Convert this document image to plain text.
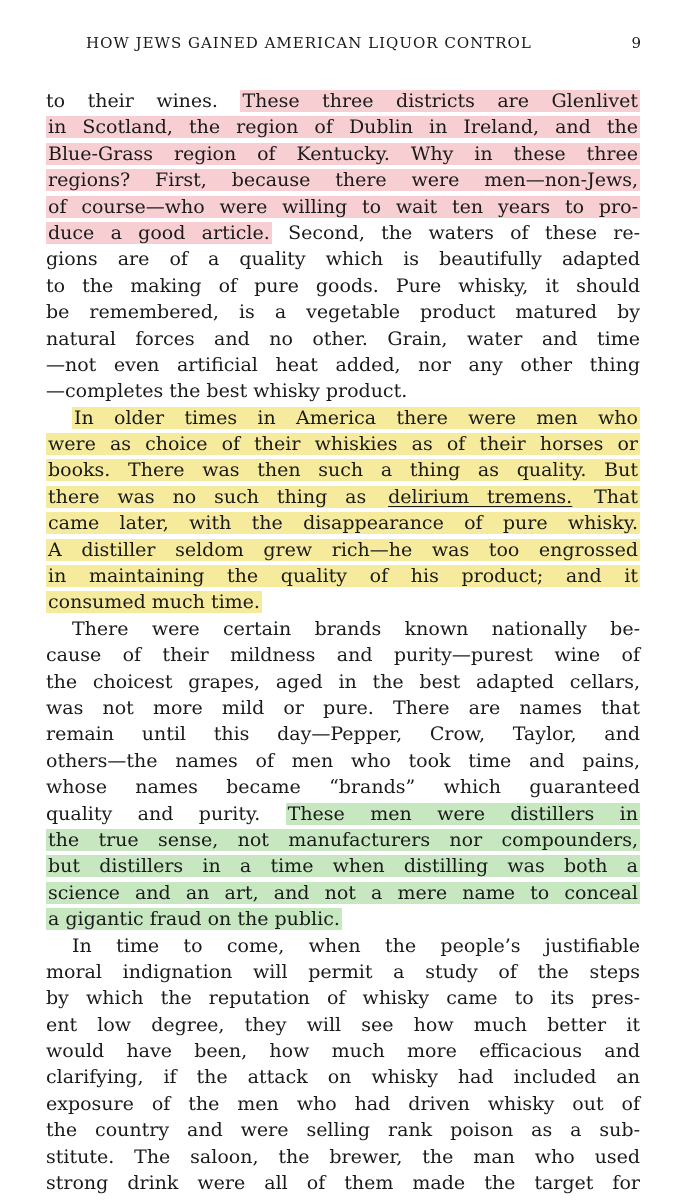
HOW JEWS GAINED AMERICAN LIQUOR CONTROL	9
to their wines. These three districts are Glenlivet
in Scotland, the region of Dublin in Ireland, and the
Blue-Grass region of Kentucky. Why in these three
regions? First, because there were men—non-Jews,
of course—who were willing to wait ten years to pro-
duce a good article. Second, the waters of these re-
gions are of a quality which is beautifully adapted
to the making of pure goods. Pure whisky, it should
be remembered, is a vegetable product matured by
natural forces and no other. Grain, water and time
—not even artificial heat added, nor any other thing
—completes the best whisky product.
In older times in America there were men who
were as choice of their whiskies as of their horses or
books. There was then such a thing as quality. But
there was no such thing as delirium tremens. That
came later, with the disappearance of pure whisky.
A distiller seldom grew rich—he was too engrossed
in maintaining the quality of his product; and it
consumed much time.
There were certain brands known nationally be-
cause of their mildness and purity—purest wine of
the choicest grapes, aged in the best adapted cellars,
was not more mild or pure. There are names that
remain until this day—Pepper, Crow, Taylor, and
others—the names of men who took time and pains,
whose names became “brands” which guaranteed
quality and purity. These men were distillers in
the true sense, not manufacturers nor compounders,
but distillers in a time when distilling was both a
science and an art, and not a mere name to conceal
a gigantic fraud on the public.
In time to come, when the people’s justifiable
moral indignation will permit a study of the steps
by which the reputation of whisky came to its pres-
ent low degree, they will see how much better it
would have been, how much more efficacious and
clarifying, if the attack on whisky had included an
exposure of the men who had driven whisky out of
the country and were selling rank poison as a sub-
stitute. The saloon, the brewer, the man who used
strong drink were all of them made the target for
